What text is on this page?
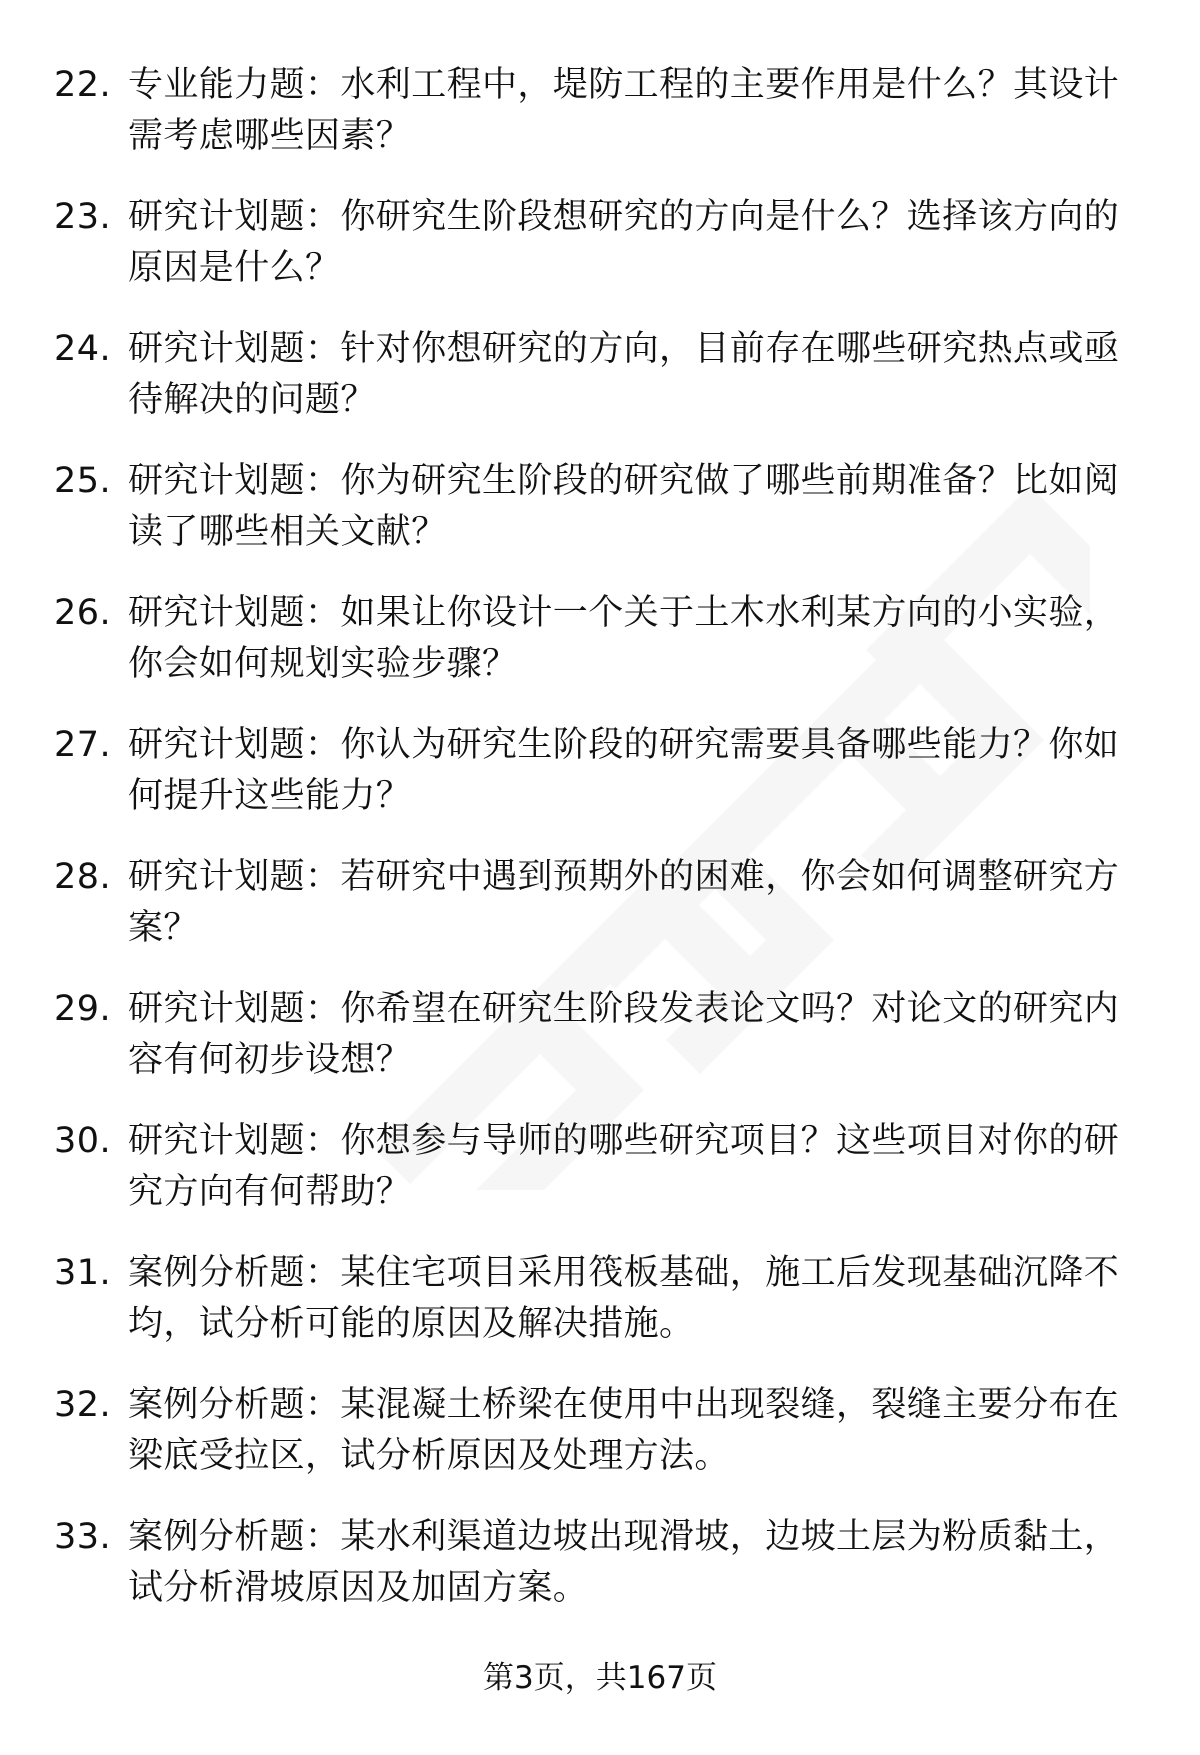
22. 专业能力题：水利工程中，堤防工程的主要作用是什么？其设计需考虑哪些因素？
23. 研究计划题：你研究生阶段想研究的方向是什么？选择该方向的原因是什么？
24. 研究计划题：针对你想研究的方向，目前存在哪些研究热点或亟待解决的问题？
25. 研究计划题：你为研究生阶段的研究做了哪些前期准备？比如阅读了哪些相关文献？
26. 研究计划题：如果让你设计一个关于土木水利某方向的小实验，你会如何规划实验步骤？
27. 研究计划题：你认为研究生阶段的研究需要具备哪些能力？你如何提升这些能力？
28. 研究计划题：若研究中遇到预期外的困难，你会如何调整研究方案？
29. 研究计划题：你希望在研究生阶段发表论文吗？对论文的研究内容有何初步设想？
30. 研究计划题：你想参与导师的哪些研究项目？这些项目对你的研究方向有何帮助？
31. 案例分析题：某住宅项目采用筏板基础，施工后发现基础沉降不均，试分析可能的原因及解决措施。
32. 案例分析题：某混凝土桥梁在使用中出现裂缝，裂缝主要分布在梁底受拉区，试分析原因及处理方法。
33. 案例分析题：某水利渠道边坡出现滑坡，边坡土层为粉质黏土，试分析滑坡原因及加固方案。
第3页，共167页
